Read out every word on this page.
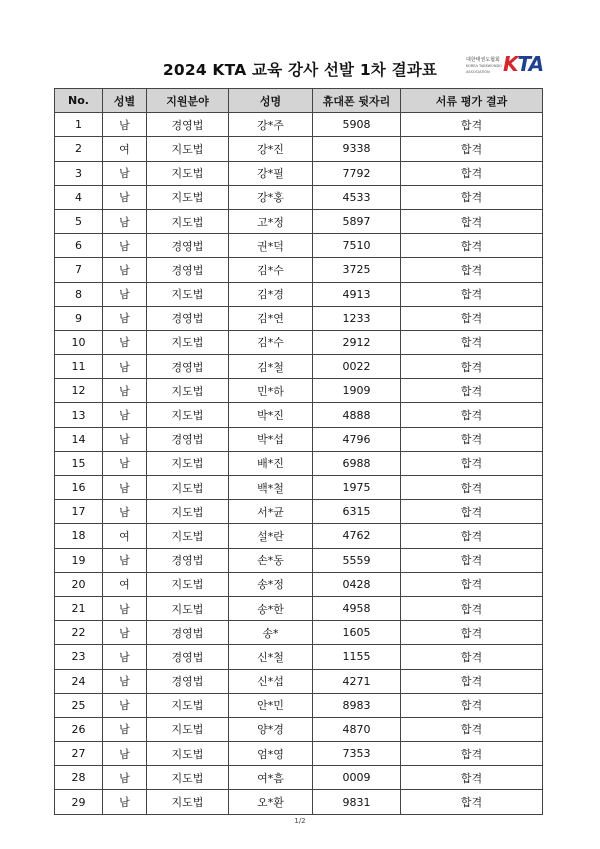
2024 KTA 교육 강사 선발 1차 결과표
대한태권도협회
KOREA TAEKWONDO ASSOCIATION KTA
No.	성별	지원분야	성명	휴대폰 뒷자리	서류 평가 결과
1	남	경영법	강*주	5908	합격
2	여	지도법	강*진	9338	합격
3	남	지도법	강*필	7792	합격
4	남	지도법	강*홍	4533	합격
5	남	지도법	고*정	5897	합격
6	남	경영법	권*덕	7510	합격
7	남	경영법	김*수	3725	합격
8	남	지도법	김*경	4913	합격
9	남	경영법	김*연	1233	합격
10	남	지도법	김*수	2912	합격
11	남	경영법	김*철	0022	합격
12	남	지도법	민*하	1909	합격
13	남	지도법	박*진	4888	합격
14	남	경영법	박*섭	4796	합격
15	남	지도법	배*진	6988	합격
16	남	지도법	백*철	1975	합격
17	남	지도법	서*균	6315	합격
18	여	지도법	설*란	4762	합격
19	남	경영법	손*동	5559	합격
20	여	지도법	송*정	0428	합격
21	남	지도법	송*한	4958	합격
22	남	경영법	송*	1605	합격
23	남	경영법	신*철	1155	합격
24	남	경영법	신*섭	4271	합격
25	남	지도법	안*민	8983	합격
26	남	지도법	양*경	4870	합격
27	남	지도법	엄*영	7353	합격
28	남	지도법	여*흠	0009	합격
29	남	지도법	오*환	9831	합격
1/2
